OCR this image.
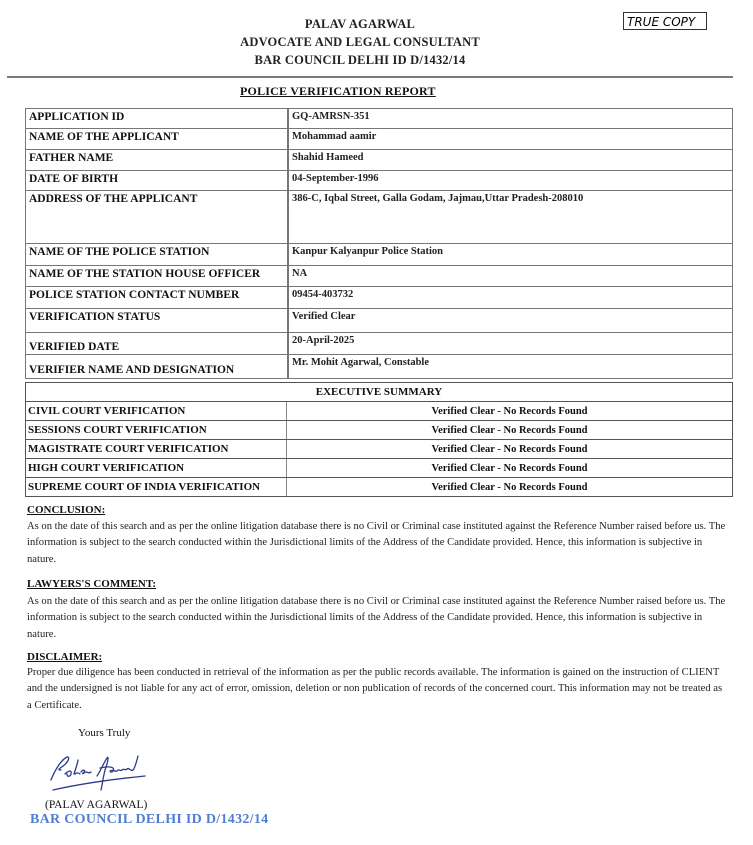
PALAV AGARWAL
ADVOCATE AND LEGAL CONSULTANT
BAR COUNCIL DELHI ID D/1432/14
TRUE COPY
POLICE VERIFICATION REPORT
APPLICATION ID	GQ-AMRSN-351
NAME OF THE APPLICANT	Mohammad aamir
FATHER NAME	Shahid Hameed
DATE OF BIRTH	04-September-1996
ADDRESS OF THE APPLICANT	386-C, Iqbal Street, Galla Godam, Jajmau,Uttar Pradesh-208010
NAME OF THE POLICE STATION	Kanpur Kalyanpur Police Station
NAME OF THE STATION HOUSE OFFICER	NA
POLICE STATION CONTACT NUMBER	09454-403732
VERIFICATION STATUS	Verified Clear
VERIFIED DATE	20-April-2025
VERIFIER NAME AND DESIGNATION	Mr. Mohit Agarwal, Constable
EXECUTIVE SUMMARY	
CIVIL COURT VERIFICATION	Verified Clear - No Records Found
SESSIONS COURT VERIFICATION	Verified Clear - No Records Found
MAGISTRATE COURT VERIFICATION	Verified Clear - No Records Found
HIGH COURT VERIFICATION	Verified Clear - No Records Found
SUPREME COURT OF INDIA VERIFICATION	Verified Clear - No Records Found
CONCLUSION:
As on the date of this search and as per the online litigation database there is no Civil or Criminal case instituted against the Reference Number raised before us. The information is subject to the search conducted within the Jurisdictional limits of the Address of the Candidate provided. Hence, this information is subjective in nature.
LAWYERS'S COMMENT:
As on the date of this search and as per the online litigation database there is no Civil or Criminal case instituted against the Reference Number raised before us. The information is subject to the search conducted within the Jurisdictional limits of the Address of the Candidate provided. Hence, this information is subjective in nature.
DISCLAIMER:
Proper due diligence has been conducted in retrieval of the information as per the public records available. The information is gained on the instruction of CLIENT and the undersigned is not liable for any act of error, omission, deletion or non publication of records of the concerned court. This information may not be treated as a Certificate.
Yours Truly
(PALAV AGARWAL)
BAR COUNCIL DELHI ID D/1432/14
